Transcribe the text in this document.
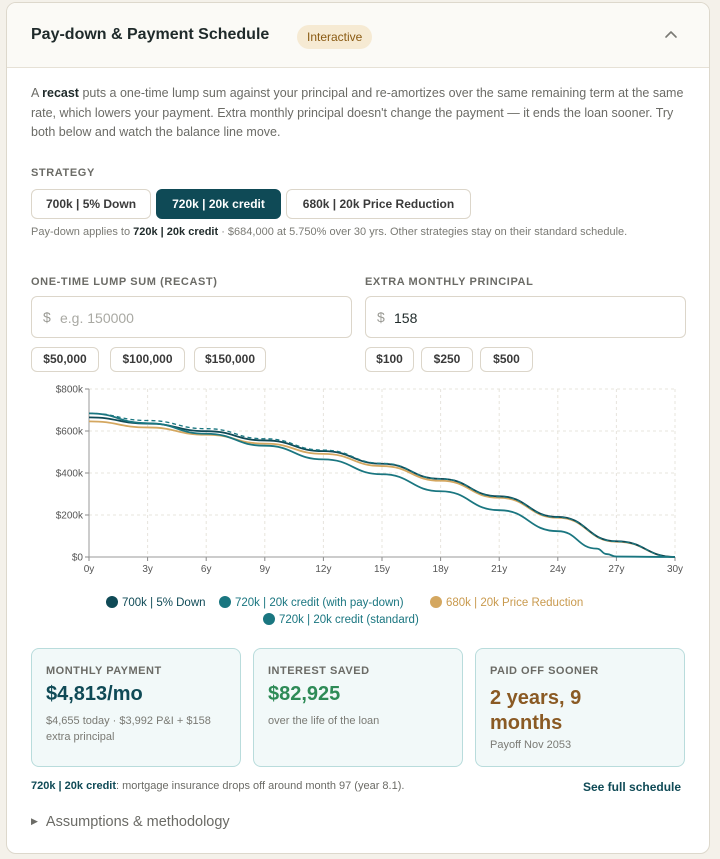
Pay-down & Payment Schedule	Interactive

A recast puts a one-time lump sum against your principal and re-amortizes over the same remaining term at the same rate, which lowers your payment. Extra monthly principal doesn't change the payment — it ends the loan sooner. Try both below and watch the balance line move.

STRATEGY
700k | 5% Down	720k | 20k credit	680k | 20k Price Reduction
Pay-down applies to 720k | 20k credit · $684,000 at 5.750% over 30 yrs. Other strategies stay on their standard schedule.
ONE-TIME LUMP SUM (RECAST)
$
e.g. 150000
$50,000	$100,000	$150,000
EXTRA MONTHLY PRINCIPAL
$
158
$100	$250	$500
$0
$200k
$400k
$600k
$800k
0y	3y	6y	9y	12y	15y	18y	21y	24y	27y	30y
700k | 5% Down	720k | 20k credit (with pay-down)	680k | 20k Price Reduction
720k | 20k credit (standard)
MONTHLY PAYMENT
$4,813/mo
$4,655 today · $3,992 P&I + $158
extra principal
INTEREST SAVED
$82,925
over the life of the loan
PAID OFF SOONER
2 years, 9
months
Payoff Nov 2053
720k | 20k credit: mortgage insurance drops off around month 97 (year 8.1).	See full schedule
▶ Assumptions & methodology
